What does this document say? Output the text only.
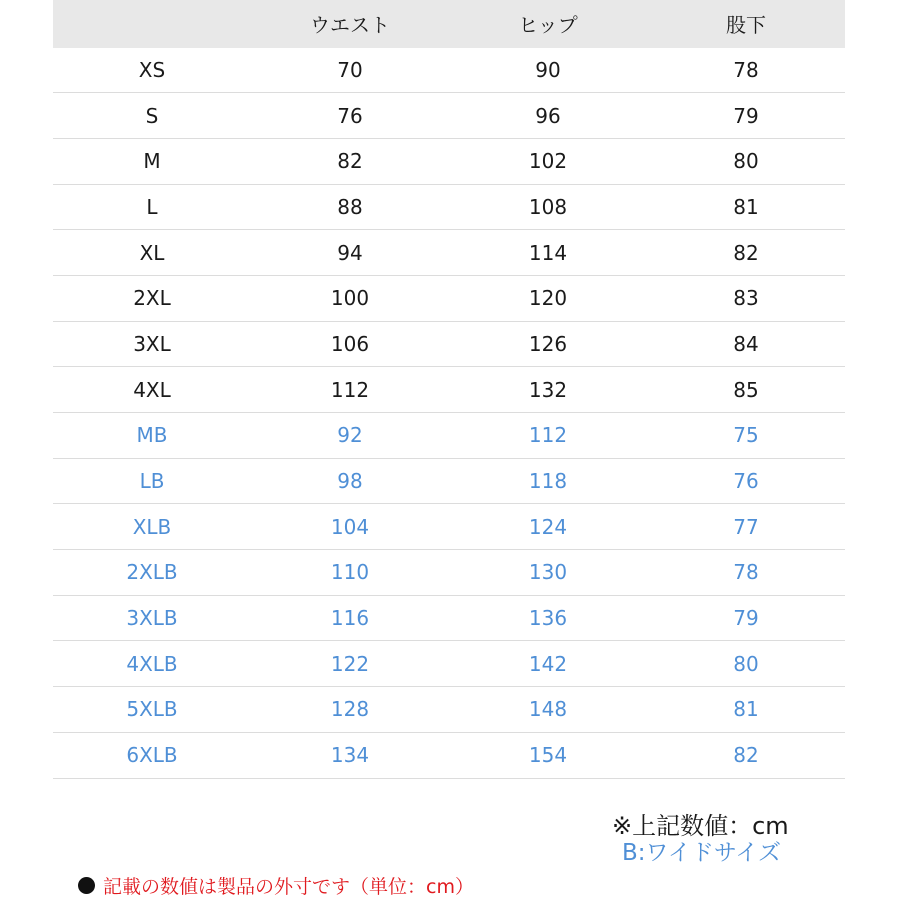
	ウエスト	ヒップ	股下
XS	70	90	78
S	76	96	79
M	82	102	80
L	88	108	81
XL	94	114	82
2XL	100	120	83
3XL	106	126	84
4XL	112	132	85
MB	92	112	75
LB	98	118	76
XLB	104	124	77
2XLB	110	130	78
3XLB	116	136	79
4XLB	122	142	80
5XLB	128	148	81
6XLB	134	154	82
※上記数値：cm
B:ワイドサイズ
記載の数値は製品の外寸です（単位：cm）
